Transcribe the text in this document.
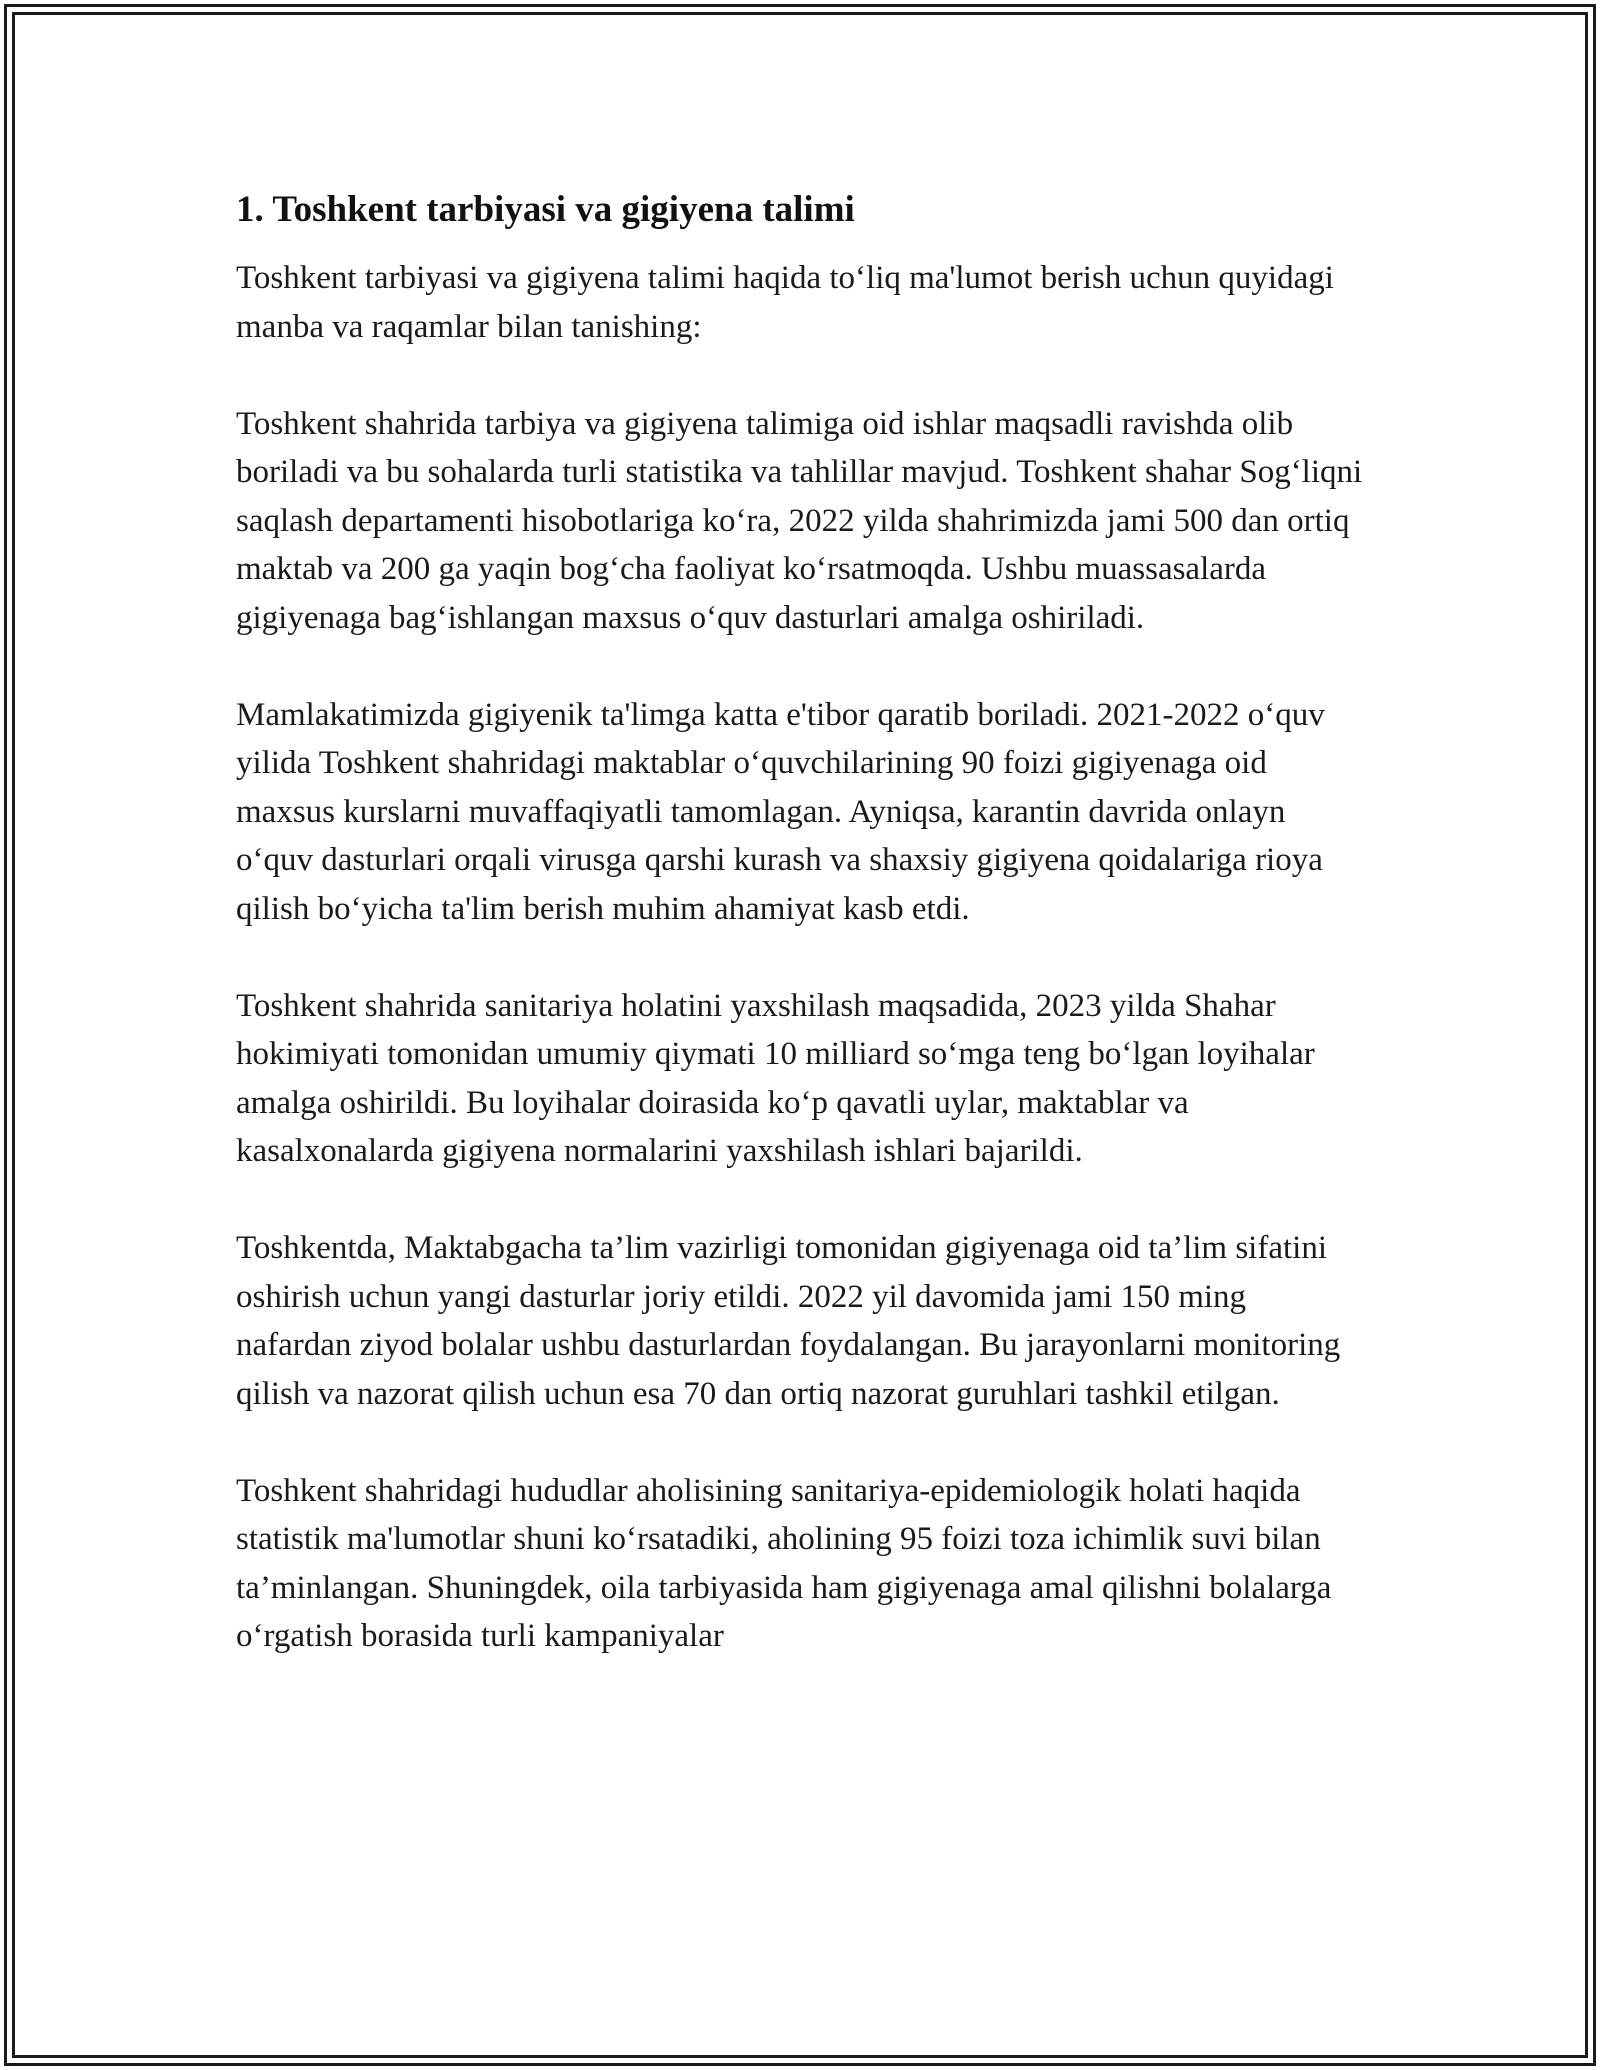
1. Toshkent tarbiyasi va gigiyena talimi

Toshkent tarbiyasi va gigiyena talimi haqida to‘liq ma'lumot berish uchun quyidagi manba va raqamlar bilan tanishing:

Toshkent shahrida tarbiya va gigiyena talimiga oid ishlar maqsadli ravishda olib boriladi va bu sohalarda turli statistika va tahlillar mavjud. Toshkent shahar Sog‘liqni saqlash departamenti hisobotlariga ko‘ra, 2022 yilda shahrimizda jami 500 dan ortiq maktab va 200 ga yaqin bog‘cha faoliyat ko‘rsatmoqda. Ushbu muassasalarda gigiyenaga bag‘ishlangan maxsus o‘quv dasturlari amalga oshiriladi.

Mamlakatimizda gigiyenik ta'limga katta e'tibor qaratib boriladi. 2021-2022 o‘quv yilida Toshkent shahridagi maktablar o‘quvchilarining 90 foizi gigiyenaga oid maxsus kurslarni muvaffaqiyatli tamomlagan. Ayniqsa, karantin davrida onlayn o‘quv dasturlari orqali virusga qarshi kurash va shaxsiy gigiyena qoidalariga rioya qilish bo‘yicha ta'lim berish muhim ahamiyat kasb etdi.

Toshkent shahrida sanitariya holatini yaxshilash maqsadida, 2023 yilda Shahar hokimiyati tomonidan umumiy qiymati 10 milliard so‘mga teng bo‘lgan loyihalar amalga oshirildi. Bu loyihalar doirasida ko‘p qavatli uylar, maktablar va kasalxonalarda gigiyena normalarini yaxshilash ishlari bajarildi.

Toshkentda, Maktabgacha ta’lim vazirligi tomonidan gigiyenaga oid ta’lim sifatini oshirish uchun yangi dasturlar joriy etildi. 2022 yil davomida jami 150 ming nafardan ziyod bolalar ushbu dasturlardan foydalangan. Bu jarayonlarni monitoring qilish va nazorat qilish uchun esa 70 dan ortiq nazorat guruhlari tashkil etilgan.

Toshkent shahridagi hududlar aholisining sanitariya-epidemiologik holati haqida statistik ma'lumotlar shuni ko‘rsatadiki, aholining 95 foizi toza ichimlik suvi bilan ta’minlangan. Shuningdek, oila tarbiyasida ham gigiyenaga amal qilishni bolalarga o‘rgatish borasida turli kampaniyalar
